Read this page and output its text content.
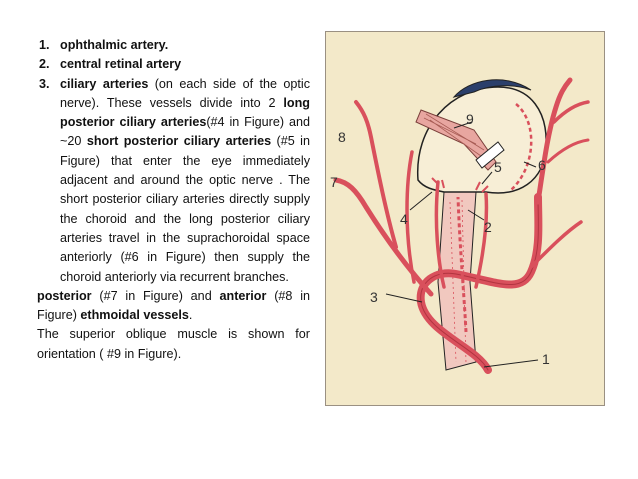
1. ophthalmic artery.
2. central retinal artery
3. ciliary arteries (on each side of the optic nerve). These vessels divide into 2 long posterior ciliary arteries(#4 in Figure) and ~20 short posterior ciliary arteries (#5 in Figure) that enter the eye immediately adjacent and around the optic nerve . The short posterior ciliary arteries directly supply the choroid and the long posterior ciliary arteries travel in the suprachoroidal space anteriorly (#6 in Figure) then supply the choroid anteriorly via recurrent branches.
posterior (#7 in Figure) and anterior (#8 in Figure) ethmoidal vessels.
The superior oblique muscle is shown for orientation ( #9 in Figure).	1
2
3
4
5	6
7
8
9
